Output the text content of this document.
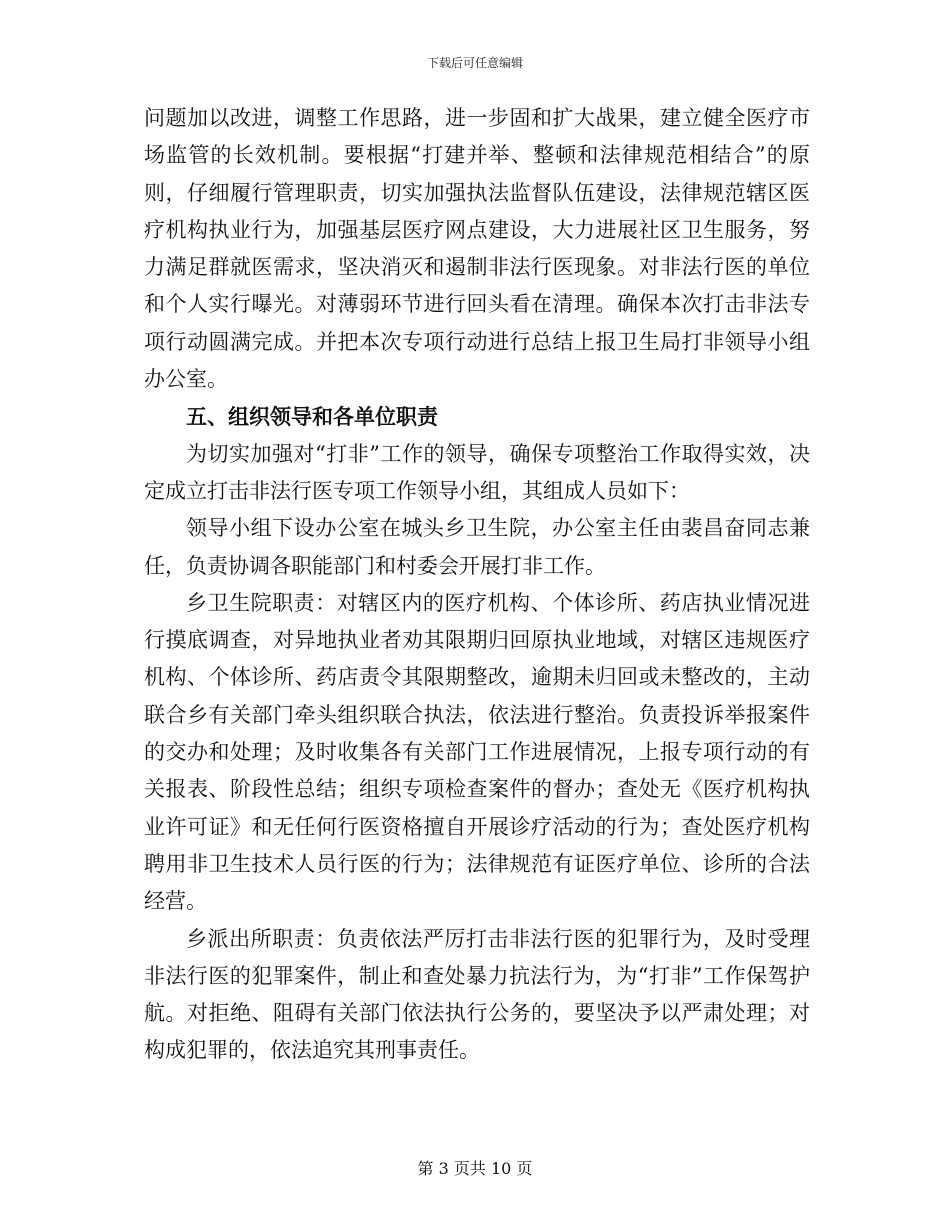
下载后可任意编辑

问题加以改进，调整工作思路，进一步固和扩大战果，建立健全医疗市场监管的长效机制。要根据“打建并举、整顿和法律规范相结合”的原则，仔细履行管理职责，切实加强执法监督队伍建设，法律规范辖区医疗机构执业行为，加强基层医疗网点建设，大力进展社区卫生服务，努力满足群就医需求，坚决消灭和遏制非法行医现象。对非法行医的单位和个人实行曝光。对薄弱环节进行回头看在清理。确保本次打击非法专项行动圆满完成。并把本次专项行动进行总结上报卫生局打非领导小组办公室。

五、组织领导和各单位职责

为切实加强对“打非”工作的领导，确保专项整治工作取得实效，决定成立打击非法行医专项工作领导小组，其组成人员如下：

领导小组下设办公室在城头乡卫生院，办公室主任由裴昌奋同志兼任，负责协调各职能部门和村委会开展打非工作。

乡卫生院职责：对辖区内的医疗机构、个体诊所、药店执业情况进行摸底调查，对异地执业者劝其限期归回原执业地域，对辖区违规医疗机构、个体诊所、药店责令其限期整改，逾期未归回或未整改的，主动联合乡有关部门牵头组织联合执法，依法进行整治。负责投诉举报案件的交办和处理；及时收集各有关部门工作进展情况，上报专项行动的有关报表、阶段性总结；组织专项检查案件的督办；查处无《医疗机构执业许可证》和无任何行医资格擅自开展诊疗活动的行为；查处医疗机构聘用非卫生技术人员行医的行为；法律规范有证医疗单位、诊所的合法经营。

乡派出所职责：负责依法严厉打击非法行医的犯罪行为，及时受理非法行医的犯罪案件，制止和查处暴力抗法行为，为“打非”工作保驾护航。对拒绝、阻碍有关部门依法执行公务的，要坚决予以严肃处理；对构成犯罪的，依法追究其刑事责任。

第 3 页共 10 页
